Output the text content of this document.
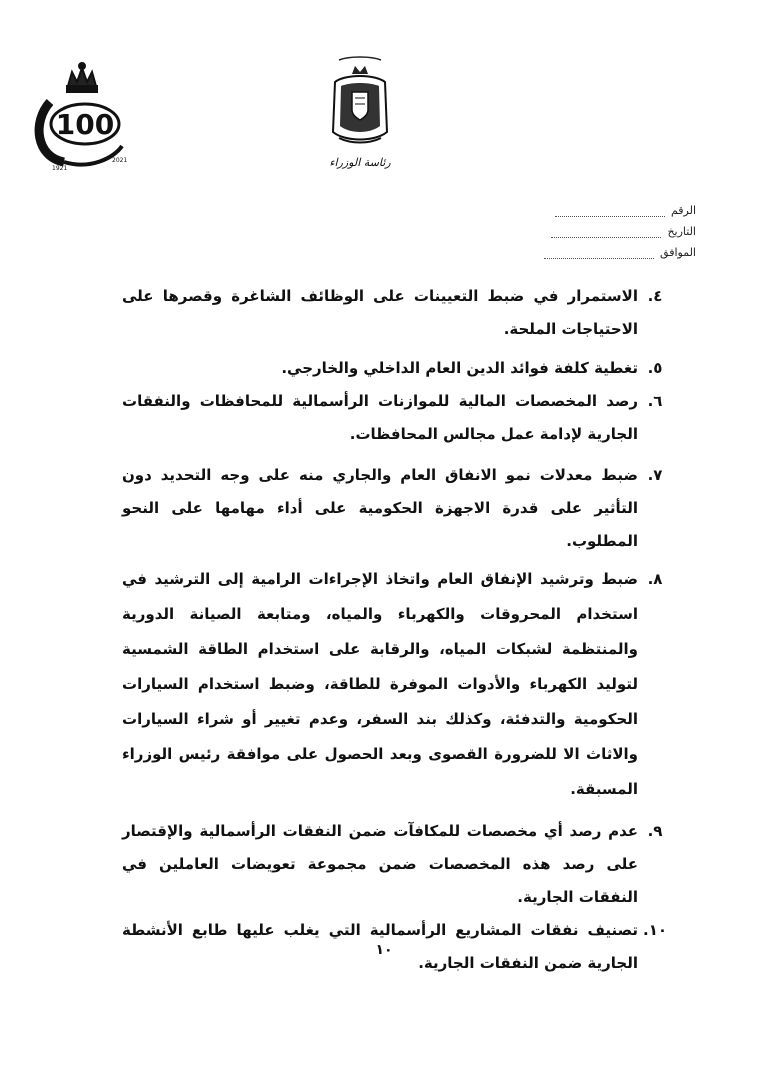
100
1921
2021	رئاسة الوزراء
الرقم
التاريخ
الموافق
٤.
الاستمرار في ضبط التعيينات على الوظائف الشاغرة وقصرها على الاحتياجات الملحة.
٥.
تغطية كلفة فوائد الدين العام الداخلي والخارجي.
٦.
رصد المخصصات المالية للموازنات الرأسمالية للمحافظات والنفقات الجارية لإدامة عمل مجالس المحافظات.
٧.
ضبط معدلات نمو الانفاق العام والجاري منه على وجه التحديد دون التأثير على قدرة الاجهزة الحكومية على أداء مهامها على النحو المطلوب.
٨.
ضبط وترشيد الإنفاق العام واتخاذ الإجراءات الرامية إلى الترشيد في استخدام المحروقات والكهرباء والمياه، ومتابعة الصيانة الدورية والمنتظمة لشبكات المياه، والرقابة على استخدام الطاقة الشمسية لتوليد الكهرباء والأدوات الموفرة للطاقة، وضبط استخدام السيارات الحكومية والتدفئة، وكذلك بند السفر، وعدم تغيير أو شراء السيارات والاثاث الا للضرورة القصوى وبعد الحصول على موافقة رئيس الوزراء المسبقة.
٩.
عدم رصد أي مخصصات للمكافآت ضمن النفقات الرأسمالية والإقتصار على رصد هذه المخصصات ضمن مجموعة تعويضات العاملين في النفقات الجارية.
١٠.
تصنيف نفقات المشاريع الرأسمالية التي يغلب عليها طابع الأنشطة الجارية ضمن النفقات الجارية.
١٠
